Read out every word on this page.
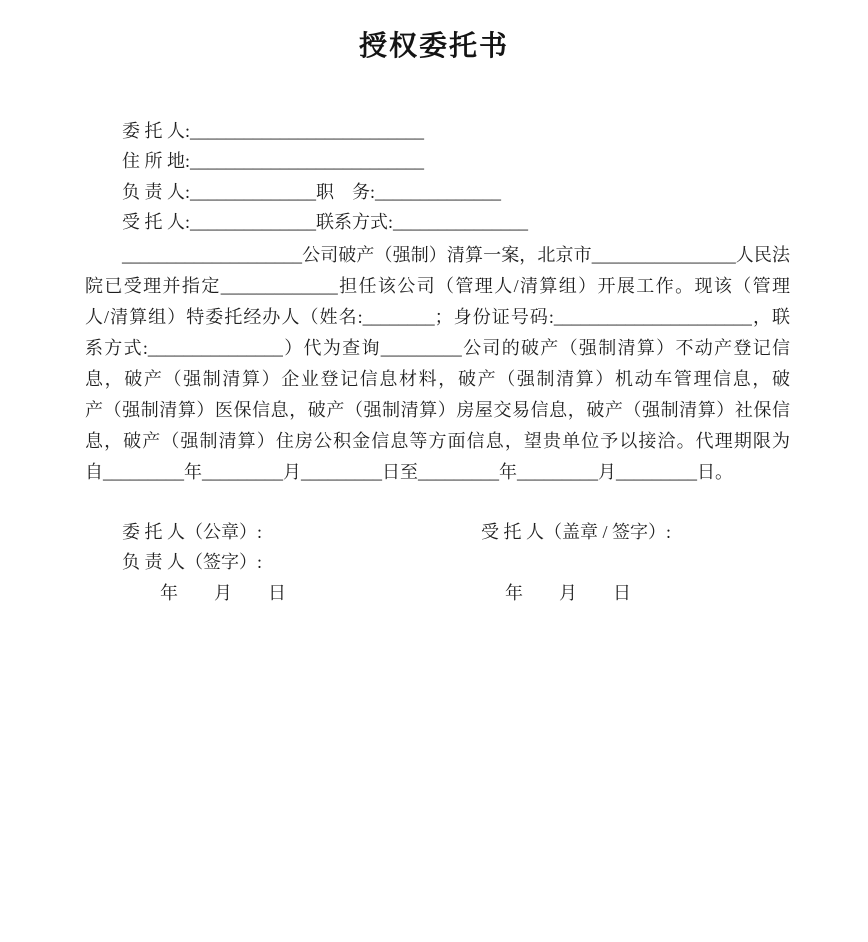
授权委托书
委 托 人:__________________________
住 所 地:__________________________
负 责 人:______________职　务:______________
受 托 人:______________联系方式:_______________
____________________公司破产（强制）清算一案，北京市________________人民法
院已受理并指定_____________担任该公司（管理人/清算组）开展工作。现该（管理
人/清算组）特委托经办人（姓名:________；身份证号码:______________________，联
系方式:_______________）代为查询_________公司的破产（强制清算）不动产登记信
息，破产（强制清算）企业登记信息材料，破产（强制清算）机动车管理信息，破
产（强制清算）医保信息，破产（强制清算）房屋交易信息，破产（强制清算）社保信
息，破产（强制清算）住房公积金信息等方面信息，望贵单位予以接洽。代理期限为
自_________年_________月_________日至_________年_________月_________日。
委 托 人（公章）:	受 托 人（盖章 / 签字）:
负 责 人（签字）:
年　　月　　日	年　　月　　日
